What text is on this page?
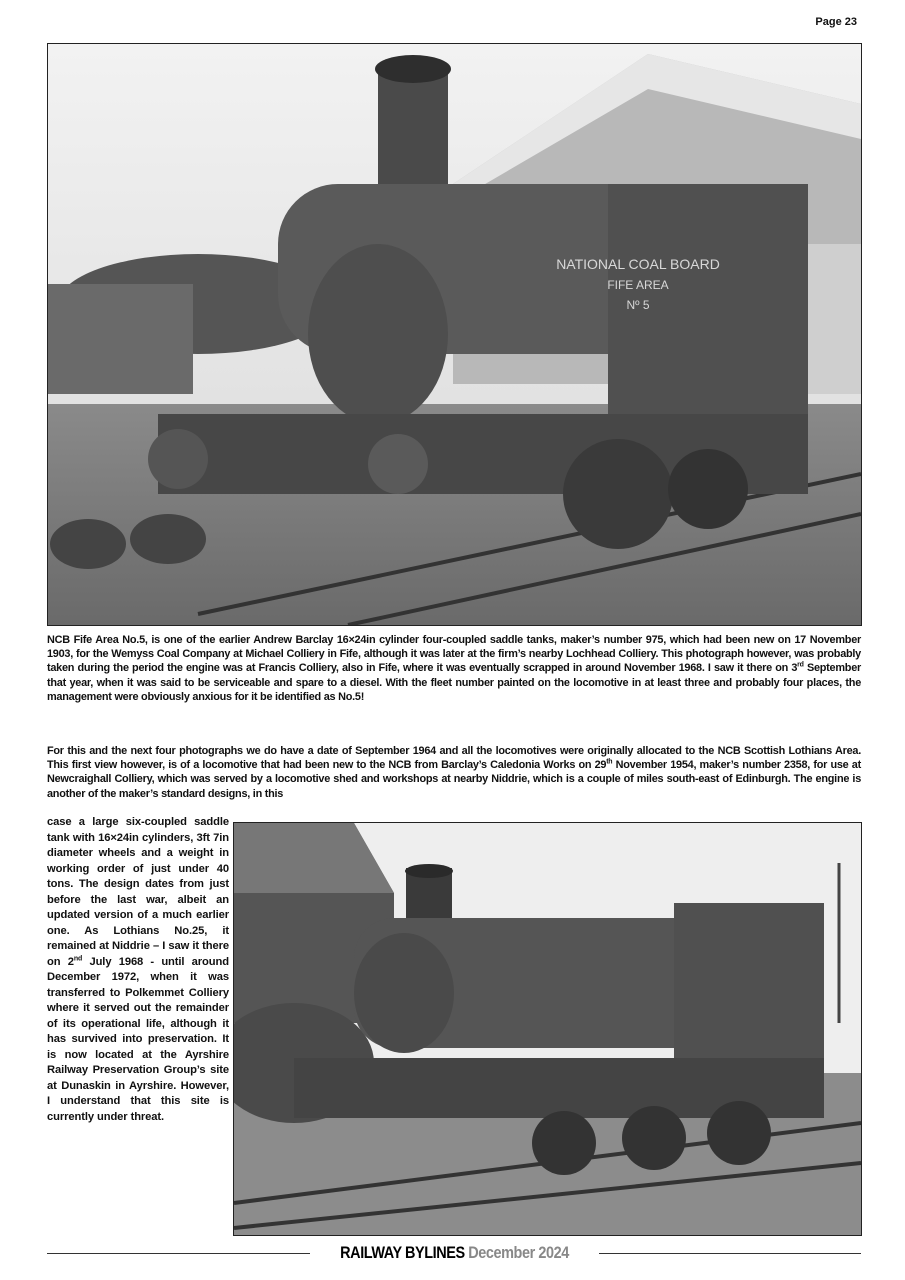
Page 23
NATIONAL COAL BOARD
FIFE AREA
Nº 5
NCB Fife Area No.5, is one of the earlier Andrew Barclay 16×24in cylinder four-coupled saddle tanks, maker’s number 975, which had been new on 17 November 1903, for the Wemyss Coal Company at Michael Colliery in Fife, although it was later at the firm’s nearby Lochhead Colliery. This photograph however, was probably taken during the period the engine was at Francis Colliery, also in Fife, where it was eventually scrapped in around November 1968. I saw it there on 3rd September that year, when it was said to be serviceable and spare to a diesel. With the fleet number painted on the locomotive in at least three and probably four places, the management were obviously anxious for it be identified as No.5!
For this and the next four photographs we do have a date of September 1964 and all the locomotives were originally allocated to the NCB Scottish Lothians Area. This first view however, is of a locomotive that had been new to the NCB from Barclay’s Caledonia Works on 29th November 1954, maker’s number 2358, for use at Newcraighall Colliery, which was served by a locomotive shed and workshops at nearby Niddrie, which is a couple of miles south-east of Edinburgh. The engine is another of the maker’s standard designs, in this
case a large six-coupled saddle tank with 16×24in cylinders, 3ft 7in diameter wheels and a weight in working order of just under 40 tons. The design dates from just before the last war, albeit an updated version of a much earlier one. As Lothians No.25, it remained at Niddrie – I saw it there on 2nd July 1968 - until around December 1972, when it was transferred to Polkemmet Colliery where it served out the remainder of its operational life, although it has survived into preservation. It is now located at the Ayrshire Railway Preservation Group’s site at Dunaskin in Ayrshire. However, I understand that this site is currently under threat.
RAILWAY BYLINES December 2024
